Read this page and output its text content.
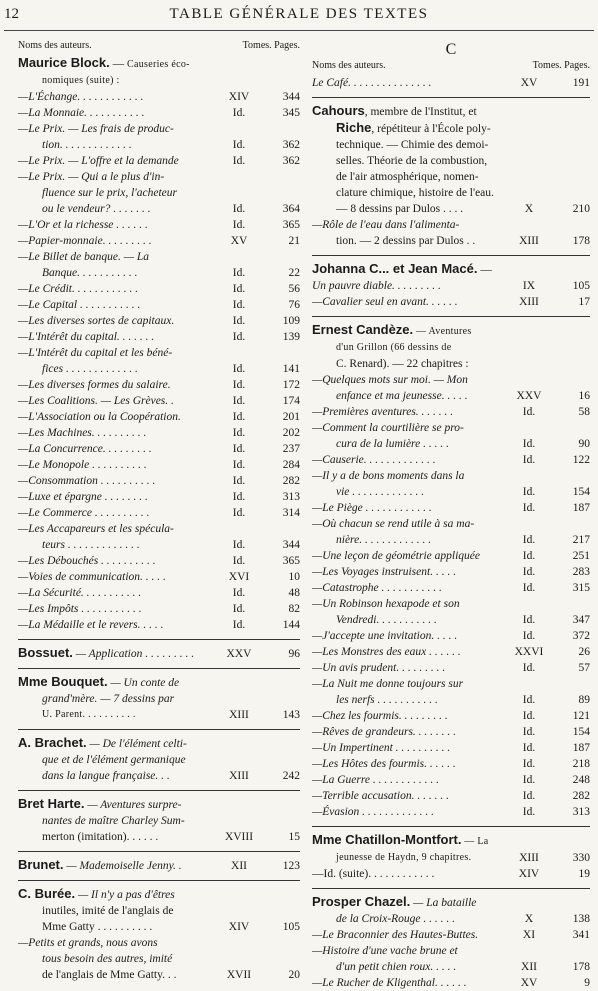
12	TABLE GÉNÉRALE DES TEXTES
Noms des auteurs.	Tomes. Pages.
Maurice Block. — Causeries éco-
nomiques (suite) :
—L'Échange. . . . . . . . . . . .	XIV	344
—La Monnaie. . . . . . . . . . .	Id.	345
—Le Prix. — Les frais de produc-
tion. . . . . . . . . . . . .	Id.	362
—Le Prix. — L'offre et la demande	Id.	362
—Le Prix. — Qui a le plus d'in-
fluence sur le prix, l'acheteur
ou le vendeur? . . . . . . .	Id.	364
—L'Or et la richesse . . . . . .	Id.	365
—Papier-monnaie. . . . . . . . .	XV	21
—Le Billet de banque. — La
Banque. . . . . . . . . . .	Id.	22
—Le Crédit. . . . . . . . . . . .	Id.	56
—Le Capital . . . . . . . . . . .	Id.	76
—Les diverses sortes de capitaux.	Id.	109
—L'Intérêt du capital. . . . . . .	Id.	139
—L'Intérêt du capital et les béné-
fices . . . . . . . . . . . . .	Id.	141
—Les diverses formes du salaire.	Id.	172
—Les Coalitions. — Les Grèves. .	Id.	174
—L'Association ou la Coopération.	Id.	201
—Les Machines. . . . . . . . . .	Id.	202
—La Concurrence. . . . . . . . .	Id.	237
—Le Monopole . . . . . . . . . .	Id.	284
—Consommation . . . . . . . . . .	Id.	282
—Luxe et épargne . . . . . . . .	Id.	313
—Le Commerce . . . . . . . . . .	Id.	314
—Les Accapareurs et les spécula-
teurs . . . . . . . . . . . . .	Id.	344
—Les Débouchés . . . . . . . . . .	Id.	365
—Voies de communication. . . . .	XVI	10
—La Sécurité. . . . . . . . . . .	Id.	48
—Les Impôts . . . . . . . . . . .	Id.	82
—La Médaille et le revers. . . . .	Id.	144
Bossuet. — Application . . . . . . . . .	XXV	96
Mme Bouquet. — Un conte de
grand'mère. — 7 dessins par
U. Parent. . . . . . . . . .	XIII	143
A. Brachet. — De l'élément celti-
que et de l'élément germanique
dans la langue française. . .	XIII	242
Bret Harte. — Aventures surpre-
nantes de maître Charley Sum-
merton (imitation). . . . . .	XVIII	15
Brunet. — Mademoiselle Jenny. .	XII	123
C. Burée. — Il n'y a pas d'êtres
inutiles, imité de l'anglais de
Mme Gatty . . . . . . . . . .	XIV	105
—Petits et grands, nous avons
tous besoin des autres, imité
de l'anglais de Mme Gatty. . .	XVII	20
C
Noms des auteurs.	Tomes. Pages.
Le Café. . . . . . . . . . . . . . .	XV	191
Cahours, membre de l'Institut, et
Riche, répétiteur à l'École poly-
technique. — Chimie des demoi-
selles. Théorie de la combustion,
de l'air atmosphérique, nomen-
clature chimique, histoire de l'eau.
— 8 dessins par Dulos . . . .	X	210
—Rôle de l'eau dans l'alimenta-
tion. — 2 dessins par Dulos . .	XIII	178
Johanna C... et Jean Macé. —
Un pauvre diable. . . . . . . . .	IX	105
—Cavalier seul en avant. . . . . .	XIII	17
Ernest Candèze. — Aventures
d'un Grillon (66 dessins de
C. Renard). — 22 chapitres :
—Quelques mots sur moi. — Mon
enfance et ma jeunesse. . . . .	XXV	16
—Premières aventures. . . . . . .	Id.	58
—Comment la courtilière se pro-
cura de la lumière . . . . .	Id.	90
—Causerie. . . . . . . . . . . . .	Id.	122
—Il y a de bons moments dans la
vie . . . . . . . . . . . . .	Id.	154
—Le Piège . . . . . . . . . . . .	Id.	187
—Où chacun se rend utile à sa ma-
nière. . . . . . . . . . . . .	Id.	217
—Une leçon de géométrie appliquée	Id.	251
—Les Voyages instruisent. . . . .	Id.	283
—Catastrophe . . . . . . . . . . .	Id.	315
—Un Robinson hexapode et son
Vendredi. . . . . . . . . . .	Id.	347
—J'accepte une invitation. . . . .	Id.	372
—Les Monstres des eaux . . . . . .	XXVI	26
—Un avis prudent. . . . . . . . .	Id.	57
—La Nuit me donne toujours sur
les nerfs . . . . . . . . . . .	Id.	89
—Chez les fourmis. . . . . . . . .	Id.	121
—Rêves de grandeurs. . . . . . . .	Id.	154
—Un Impertinent . . . . . . . . . .	Id.	187
—Les Hôtes des fourmis. . . . . .	Id.	218
—La Guerre . . . . . . . . . . . .	Id.	248
—Terrible accusation. . . . . . .	Id.	282
—Évasion . . . . . . . . . . . . .	Id.	313
Mme Chatillon-Montfort. — La
jeunesse de Haydn, 9 chapitres.	XIII	330
—Id. (suite). . . . . . . . . . . .	XIV	19
Prosper Chazel. — La bataille
de la Croix-Rouge . . . . . .	X	138
—Le Braconnier des Hautes-Buttes.	XI	341
—Histoire d'une vache brune et
d'un petit chien roux. . . . .	XII	178
—Le Rucher de Kligenthal. . . . . .	XV	9
